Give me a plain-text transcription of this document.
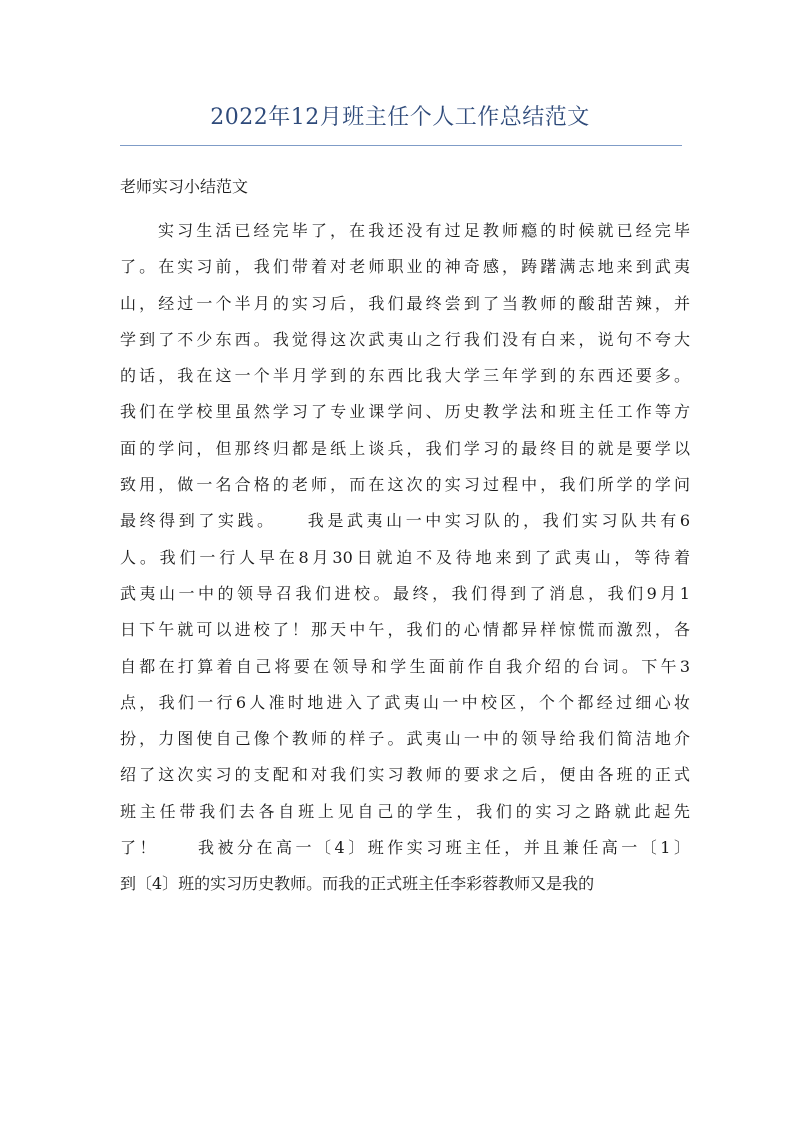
2022年12月班主任个人工作总结范文
老师实习小结范文
实习生活已经完毕了，在我还没有过足教师瘾的时候就已经完毕
了。在实习前，我们带着对老师职业的神奇感，踌躇满志地来到武夷
山，经过一个半月的实习后，我们最终尝到了当教师的酸甜苦辣，并
学到了不少东西。我觉得这次武夷山之行我们没有白来，说句不夸大
的话，我在这一个半月学到的东西比我大学三年学到的东西还要多。
我们在学校里虽然学习了专业课学问、历史教学法和班主任工作等方
面的学问，但那终归都是纸上谈兵，我们学习的最终目的就是要学以
致用，做一名合格的老师，而在这次的实习过程中，我们所学的学问
最终得到了实践。　　我是武夷山一中实习队的，我们实习队共有6
人。我们一行人早在8月30日就迫不及待地来到了武夷山，等待着
武夷山一中的领导召我们进校。最终，我们得到了消息，我们9月1
日下午就可以进校了！那天中午，我们的心情都异样惊慌而激烈，各
自都在打算着自己将要在领导和学生面前作自我介绍的台词。下午3
点，我们一行6人准时地进入了武夷山一中校区，个个都经过细心妆
扮，力图使自己像个教师的样子。武夷山一中的领导给我们简洁地介
绍了这次实习的支配和对我们实习教师的要求之后，便由各班的正式
班主任带我们去各自班上见自己的学生，我们的实习之路就此起先
了！　　我被分在高一〔4〕班作实习班主任，并且兼任高一〔1〕
到〔4〕班的实习历史教师。而我的正式班主任李彩蓉教师又是我的
